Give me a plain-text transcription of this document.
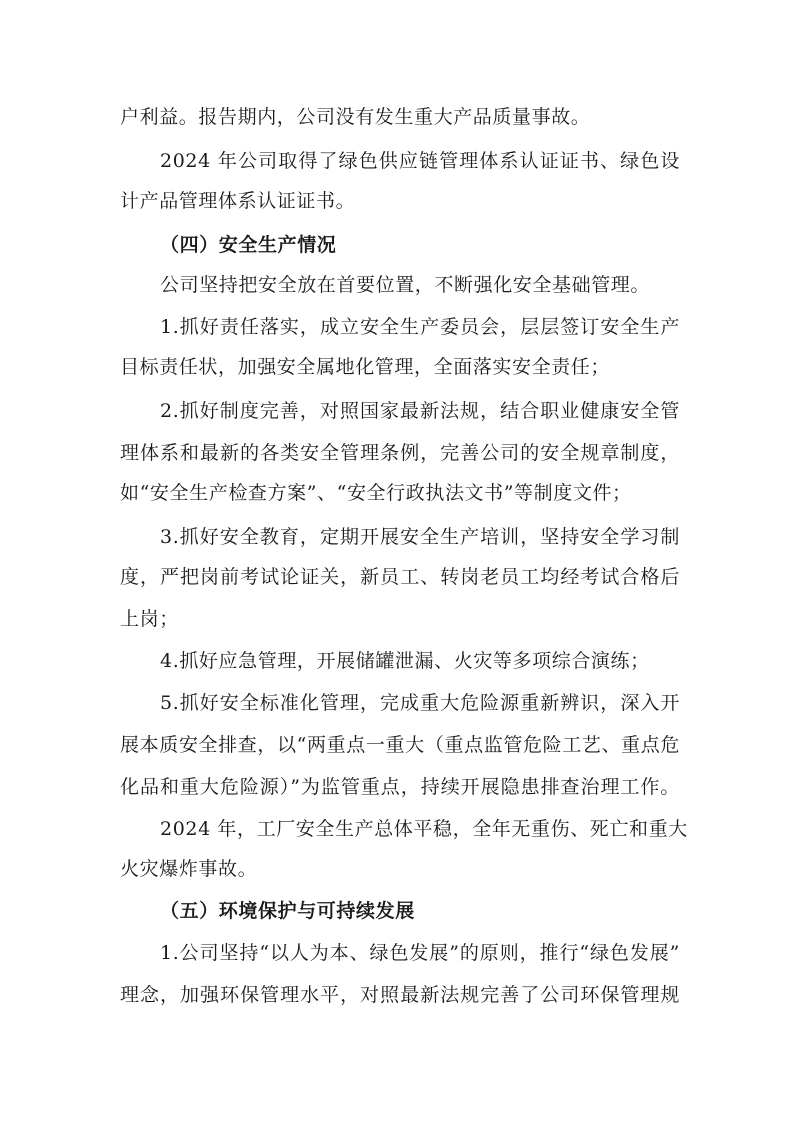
户利益。报告期内，公司没有发生重大产品质量事故。
2024 年公司取得了绿色供应链管理体系认证证书、绿色设
计产品管理体系认证证书。
（四）安全生产情况
公司坚持把安全放在首要位置，不断强化安全基础管理。
1.抓好责任落实，成立安全生产委员会，层层签订安全生产
目标责任状，加强安全属地化管理，全面落实安全责任；
2.抓好制度完善，对照国家最新法规，结合职业健康安全管
理体系和最新的各类安全管理条例，完善公司的安全规章制度，
如“安全生产检查方案”、“安全行政执法文书”等制度文件；
3.抓好安全教育，定期开展安全生产培训，坚持安全学习制
度，严把岗前考试论证关，新员工、转岗老员工均经考试合格后
上岗；
4.抓好应急管理，开展储罐泄漏、火灾等多项综合演练；
5.抓好安全标准化管理，完成重大危险源重新辨识，深入开
展本质安全排查，以“两重点一重大（重点监管危险工艺、重点危
化品和重大危险源）”为监管重点，持续开展隐患排查治理工作。
2024 年，工厂安全生产总体平稳，全年无重伤、死亡和重大
火灾爆炸事故。
（五）环境保护与可持续发展
1.公司坚持“以人为本、绿色发展”的原则，推行“绿色发展”
理念，加强环保管理水平，对照最新法规完善了公司环保管理规
